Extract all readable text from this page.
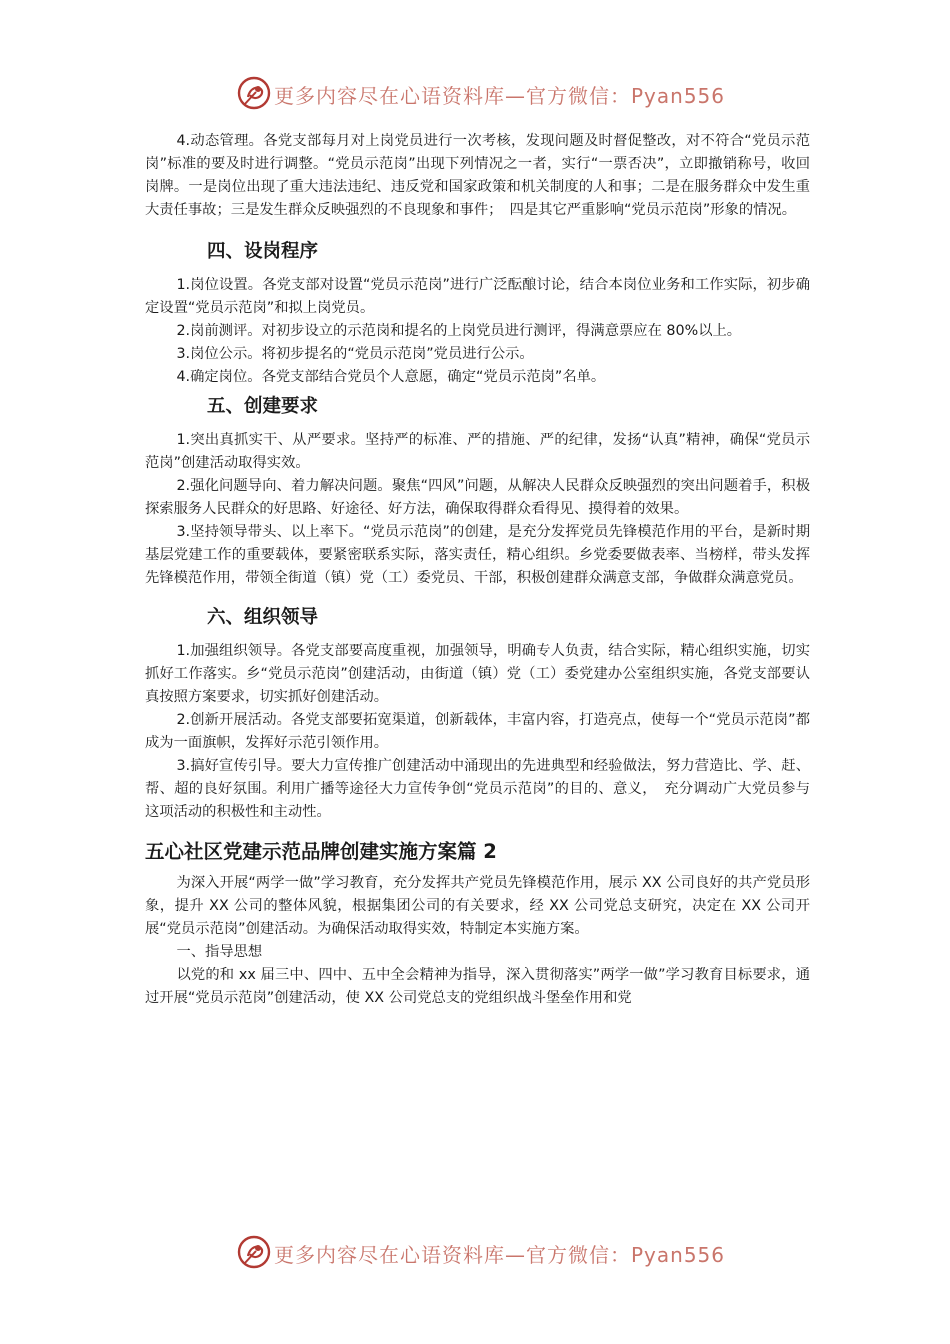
更多内容尽在心语资料库—官方微信：Pyan556

4.动态管理。各党支部每月对上岗党员进行一次考核，发现问题及时督促整改，对不符合“党员示范岗”标准的要及时进行调整。“党员示范岗”出现下列情况之一者，实行“一票否决”，立即撤销称号，收回岗牌。一是岗位出现了重大违法违纪、违反党和国家政策和机关制度的人和事；二是在服务群众中发生重大责任事故；三是发生群众反映强烈的不良现象和事件；　四是其它严重影响“党员示范岗”形象的情况。

四、设岗程序

1.岗位设置。各党支部对设置“党员示范岗”进行广泛酝酿讨论，结合本岗位业务和工作实际，初步确定设置“党员示范岗”和拟上岗党员。

2.岗前测评。对初步设立的示范岗和提名的上岗党员进行测评，得满意票应在 80%以上。

3.岗位公示。将初步提名的“党员示范岗”党员进行公示。

4.确定岗位。各党支部结合党员个人意愿，确定“党员示范岗”名单。

五、创建要求

1.突出真抓实干、从严要求。坚持严的标准、严的措施、严的纪律，发扬“认真”精神，确保“党员示范岗”创建活动取得实效。

2.强化问题导向、着力解决问题。聚焦“四风”问题，从解决人民群众反映强烈的突出问题着手，积极探索服务人民群众的好思路、好途径、好方法，确保取得群众看得见、摸得着的效果。

3.坚持领导带头、以上率下。“党员示范岗”的创建，是充分发挥党员先锋模范作用的平台，是新时期基层党建工作的重要载体，要紧密联系实际，落实责任，精心组织。乡党委要做表率、当榜样，带头发挥先锋模范作用，带领全街道（镇）党（工）委党员、干部，积极创建群众满意支部，争做群众满意党员。

六、组织领导

1.加强组织领导。各党支部要高度重视，加强领导，明确专人负责，结合实际，精心组织实施，切实抓好工作落实。乡“党员示范岗”创建活动，由街道（镇）党（工）委党建办公室组织实施，各党支部要认真按照方案要求，切实抓好创建活动。

2.创新开展活动。各党支部要拓宽渠道，创新载体，丰富内容，打造亮点，使每一个“党员示范岗”都成为一面旗帜，发挥好示范引领作用。

3.搞好宣传引导。要大力宣传推广创建活动中涌现出的先进典型和经验做法，努力营造比、学、赶、帮、超的良好氛围。利用广播等途径大力宣传争创“党员示范岗”的目的、意义，　充分调动广大党员参与这项活动的积极性和主动性。

五心社区党建示范品牌创建实施方案篇 2

为深入开展“两学一做”学习教育，充分发挥共产党员先锋模范作用，展示 XX 公司良好的共产党员形象，提升 XX 公司的整体风貌，根据集团公司的有关要求，经 XX 公司党总支研究，决定在 XX 公司开展“党员示范岗”创建活动。为确保活动取得实效，特制定本实施方案。

一、指导思想

以党的和 xx 届三中、四中、五中全会精神为指导，深入贯彻落实”两学一做”学习教育目标要求，通过开展“党员示范岗”创建活动，使 XX 公司党总支的党组织战斗堡垒作用和党

更多内容尽在心语资料库—官方微信：Pyan556
